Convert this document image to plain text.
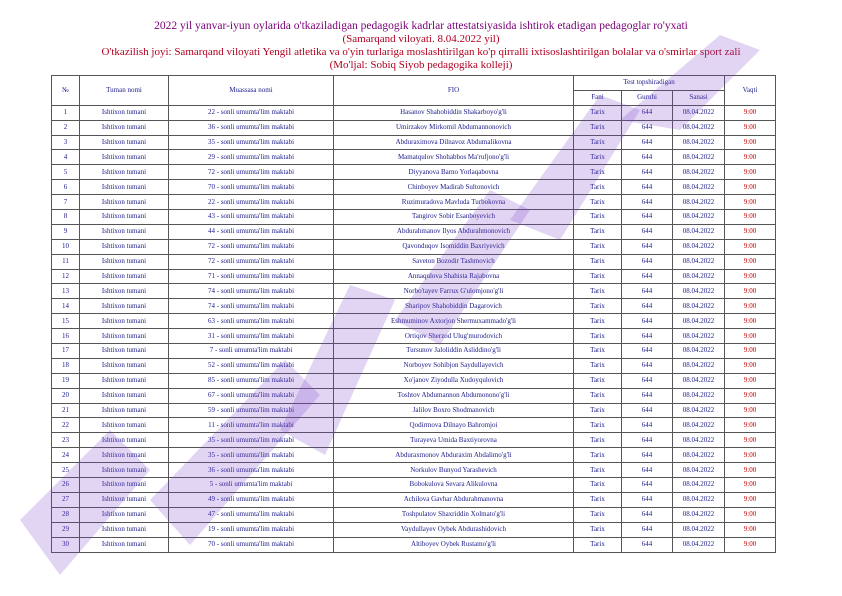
2022 yil yanvar-iyun oylarida o'tkaziladigan pedagogik kadrlar attestatsiyasida ishtirok etadigan pedagoglar ro'yxati
(Samarqand viloyati. 8.04.2022 yil)
O'tkazilish joyi: Samarqand viloyati Yengil atletika va o'yin turlariga moslashtirilgan ko'p qirralli ixtisoslashtirilgan bolalar va o'smirlar sport zali
(Mo'ljal: Sobiq Siyob pedagogika kolleji)
№	Tuman nomi	Muassasa nomi	FIO	Test topshiradigan			Vaqti
				Fani	Guruhi	Sanasi	
1	Ishtixon tumani	22 - sonli umumta'lim maktabi	Hasanov Shahobiddin Shakarboyo'g'li	Tarix	644	08.04.2022	9:00
2	Ishtixon tumani	36 - sonli umumta'lim maktabi	Umirzakov Mirkomil Abdumannonovich	Tarix	644	08.04.2022	9:00
3	Ishtixon tumani	35 - sonli umumta'lim maktabi	Abduraximova Dilnavoz Abdumalikovna	Tarix	644	08.04.2022	9:00
4	Ishtixon tumani	29 - sonli umumta'lim maktabi	Mamatqulov Shohabbos Ma'rufjono'g'li	Tarix	644	08.04.2022	9:00
5	Ishtixon tumani	72 - sonli umumta'lim maktabi	Diyyanova Barno Yorlaqabovna	Tarix	644	08.04.2022	9:00
6	Ishtixon tumani	70 - sonli umumta'lim maktabi	Chinboyev Madirab Sultonovich	Tarix	644	08.04.2022	9:00
7	Ishtixon tumani	22 - sonli umumta'lim maktabi	Ruzimuradova Mavluda Turbokovna	Tarix	644	08.04.2022	9:00
8	Ishtixon tumani	43 - sonli umumta'lim maktabi	Tangirov Sobir Esanboyevich	Tarix	644	08.04.2022	9:00
9	Ishtixon tumani	44 - sonli umumta'lim maktabi	Abdurahmanov Ilyos Abdurahmonovich	Tarix	644	08.04.2022	9:00
10	Ishtixon tumani	72 - sonli umumta'lim maktabi	Qavonduqov Isomiddin Baxriyevich	Tarix	644	08.04.2022	9:00
11	Ishtixon tumani	72 - sonli umumta'lim maktabi	Saveton Bozodir Tashmovich	Tarix	644	08.04.2022	9:00
12	Ishtixon tumani	71 - sonli umumta'lim maktabi	Annaqulova Shahista Rajabovna	Tarix	644	08.04.2022	9:00
13	Ishtixon tumani	74 - sonli umumta'lim maktabi	Norbo'tayev Farrux G'ulomjono'g'li	Tarix	644	08.04.2022	9:00
14	Ishtixon tumani	74 - sonli umumta'lim maktabi	Sharipov Shahobiddin Dagarovich	Tarix	644	08.04.2022	9:00
15	Ishtixon tumani	63 - sonli umumta'lim maktabi	Eshmuminov Axtorjon Shermuxammado'g'li	Tarix	644	08.04.2022	9:00
16	Ishtixon tumani	31 - sonli umumta'lim maktabi	Ortiqov Sherzod Ulug'murodovich	Tarix	644	08.04.2022	9:00
17	Ishtixon tumani	7 - sonli umumta'lim maktabi	Tursunov Jaloliddin Asliddino'g'li	Tarix	644	08.04.2022	9:00
18	Ishtixon tumani	52 - sonli umumta'lim maktabi	Norboyev Sohibjon Saydullayevich	Tarix	644	08.04.2022	9:00
19	Ishtixon tumani	85 - sonli umumta'lim maktabi	Xo'janov Ziyodulla Xudoyqulovich	Tarix	644	08.04.2022	9:00
20	Ishtixon tumani	67 - sonli umumta'lim maktabi	Toshtov Abdumannon Abdumonono'g'li	Tarix	644	08.04.2022	9:00
21	Ishtixon tumani	59 - sonli umumta'lim maktabi	Jalilov Boxro Shodmanovich	Tarix	644	08.04.2022	9:00
22	Ishtixon tumani	11 - sonli umumta'lim maktabi	Qodirmova Dilnayo Bahromjoi	Tarix	644	08.04.2022	9:00
23	Ishtixon tumani	35 - sonli umumta'lim maktabi	Turayeva Umida Baxtiyorovna	Tarix	644	08.04.2022	9:00
24	Ishtixon tumani	35 - sonli umumta'lim maktabi	Abduraxmonov Abduraxim Abdalimo'g'li	Tarix	644	08.04.2022	9:00
25	Ishtixon tumani	36 - sonli umumta'lim maktabi	Norkulov Bunyod Yarashevich	Tarix	644	08.04.2022	9:00
26	Ishtixon tumani	5 - sonli umumta'lim maktabi	Bobokulova Sevara Alikulovna	Tarix	644	08.04.2022	9:00
27	Ishtixon tumani	49 - sonli umumta'lim maktabi	Achilova Gavhar Abdurahmanovna	Tarix	644	08.04.2022	9:00
28	Ishtixon tumani	47 - sonli umumta'lim maktabi	Toshpulatov Shaxriddin Xolmato'g'li	Tarix	644	08.04.2022	9:00
29	Ishtixon tumani	19 - sonli umumta'lim maktabi	Vaydullayev Oybek Abdurashidovich	Tarix	644	08.04.2022	9:00
30	Ishtixon tumani	70 - sonli umumta'lim maktabi	Altiboyev Oybek Rustamo'g'li	Tarix	644	08.04.2022	9:00
